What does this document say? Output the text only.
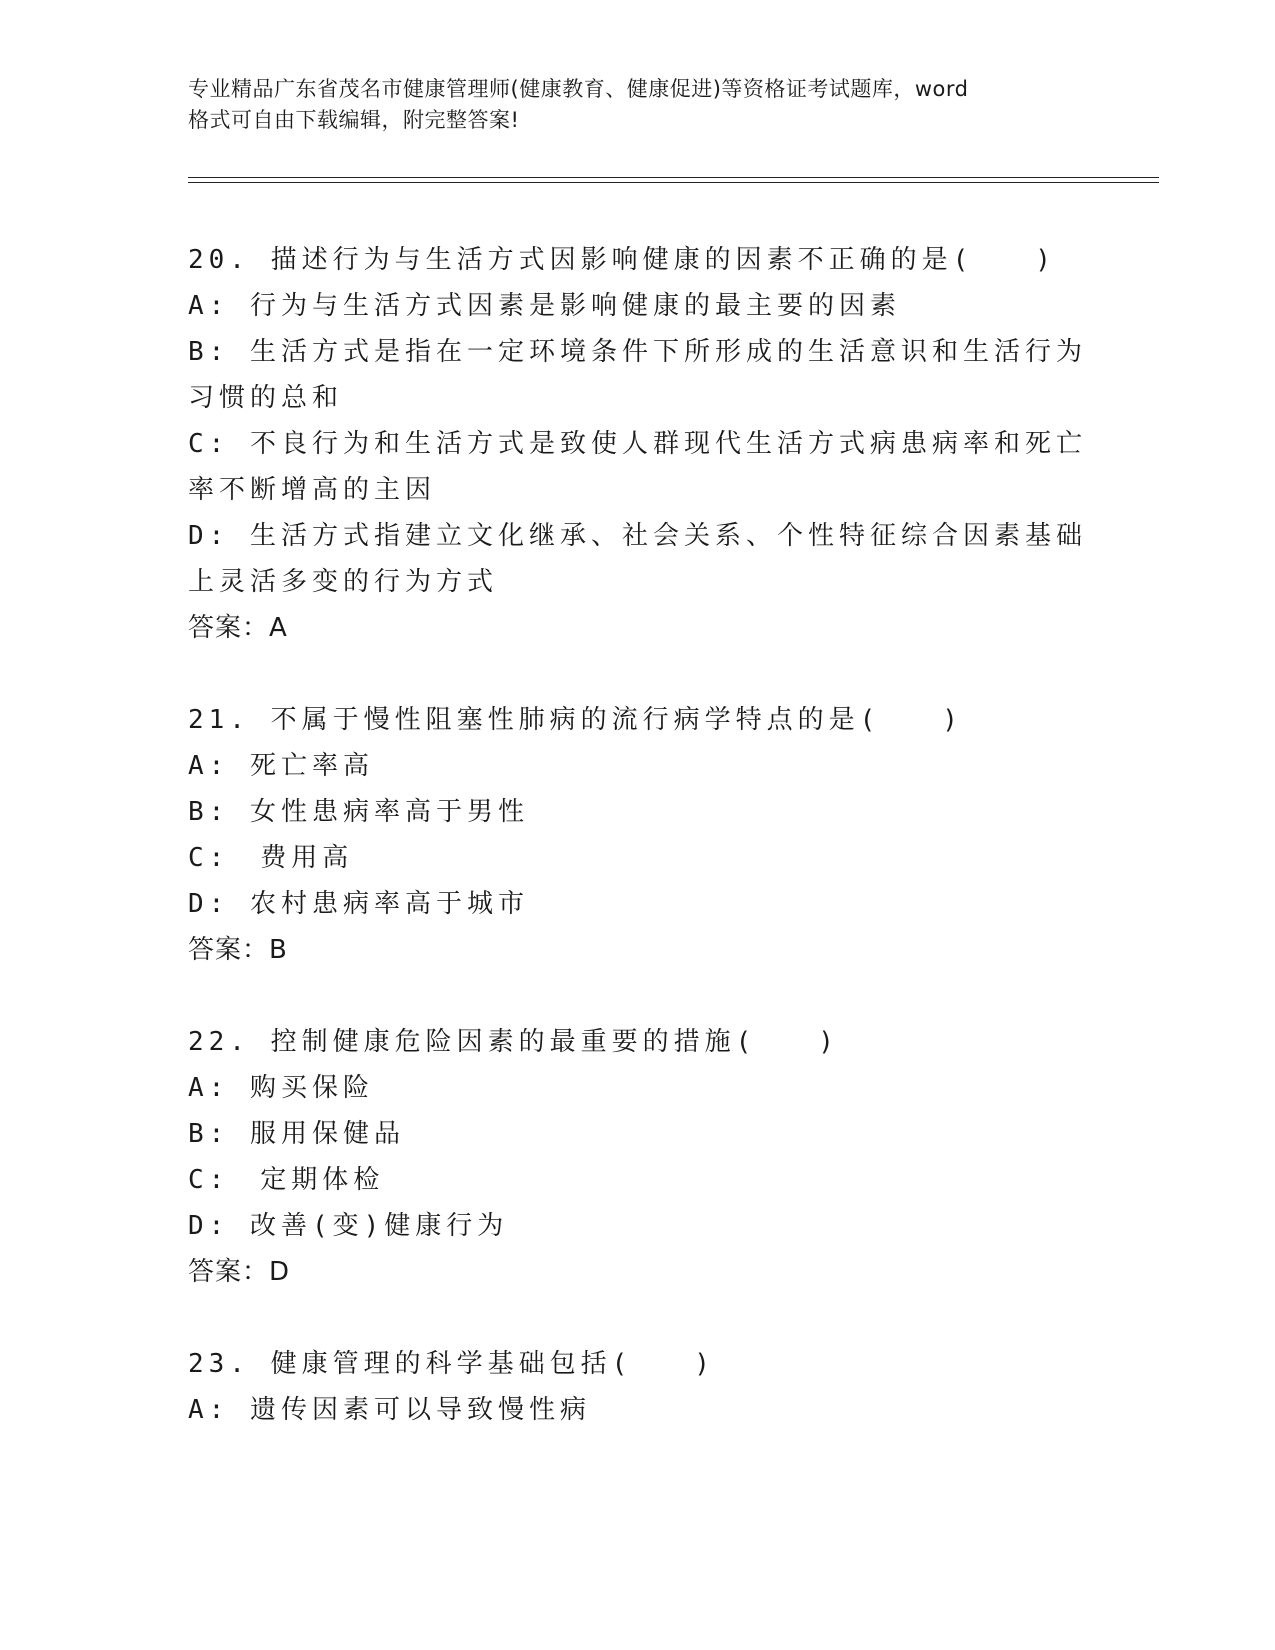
专业精品广东省茂名市健康管理师(健康教育、健康促进)等资格证考试题库，word
格式可自由下载编辑，附完整答案!
20. 描述行为与生活方式因影响健康的因素不正确的是(　　)
A: 行为与生活方式因素是影响健康的最主要的因素
B: 生活方式是指在一定环境条件下所形成的生活意识和生活行为习惯的总和
C: 不良行为和生活方式是致使人群现代生活方式病患病率和死亡率不断增高的主因
D: 生活方式指建立文化继承、社会关系、个性特征综合因素基础上灵活多变的行为方式
答案：A
21. 不属于慢性阻塞性肺病的流行病学特点的是(　　)
A: 死亡率高
B: 女性患病率高于男性
C:　费用高
D: 农村患病率高于城市
答案：B
22. 控制健康危险因素的最重要的措施(　　)
A: 购买保险
B: 服用保健品
C:　定期体检
D: 改善(变)健康行为
答案：D
23. 健康管理的科学基础包括(　　)
A: 遗传因素可以导致慢性病
